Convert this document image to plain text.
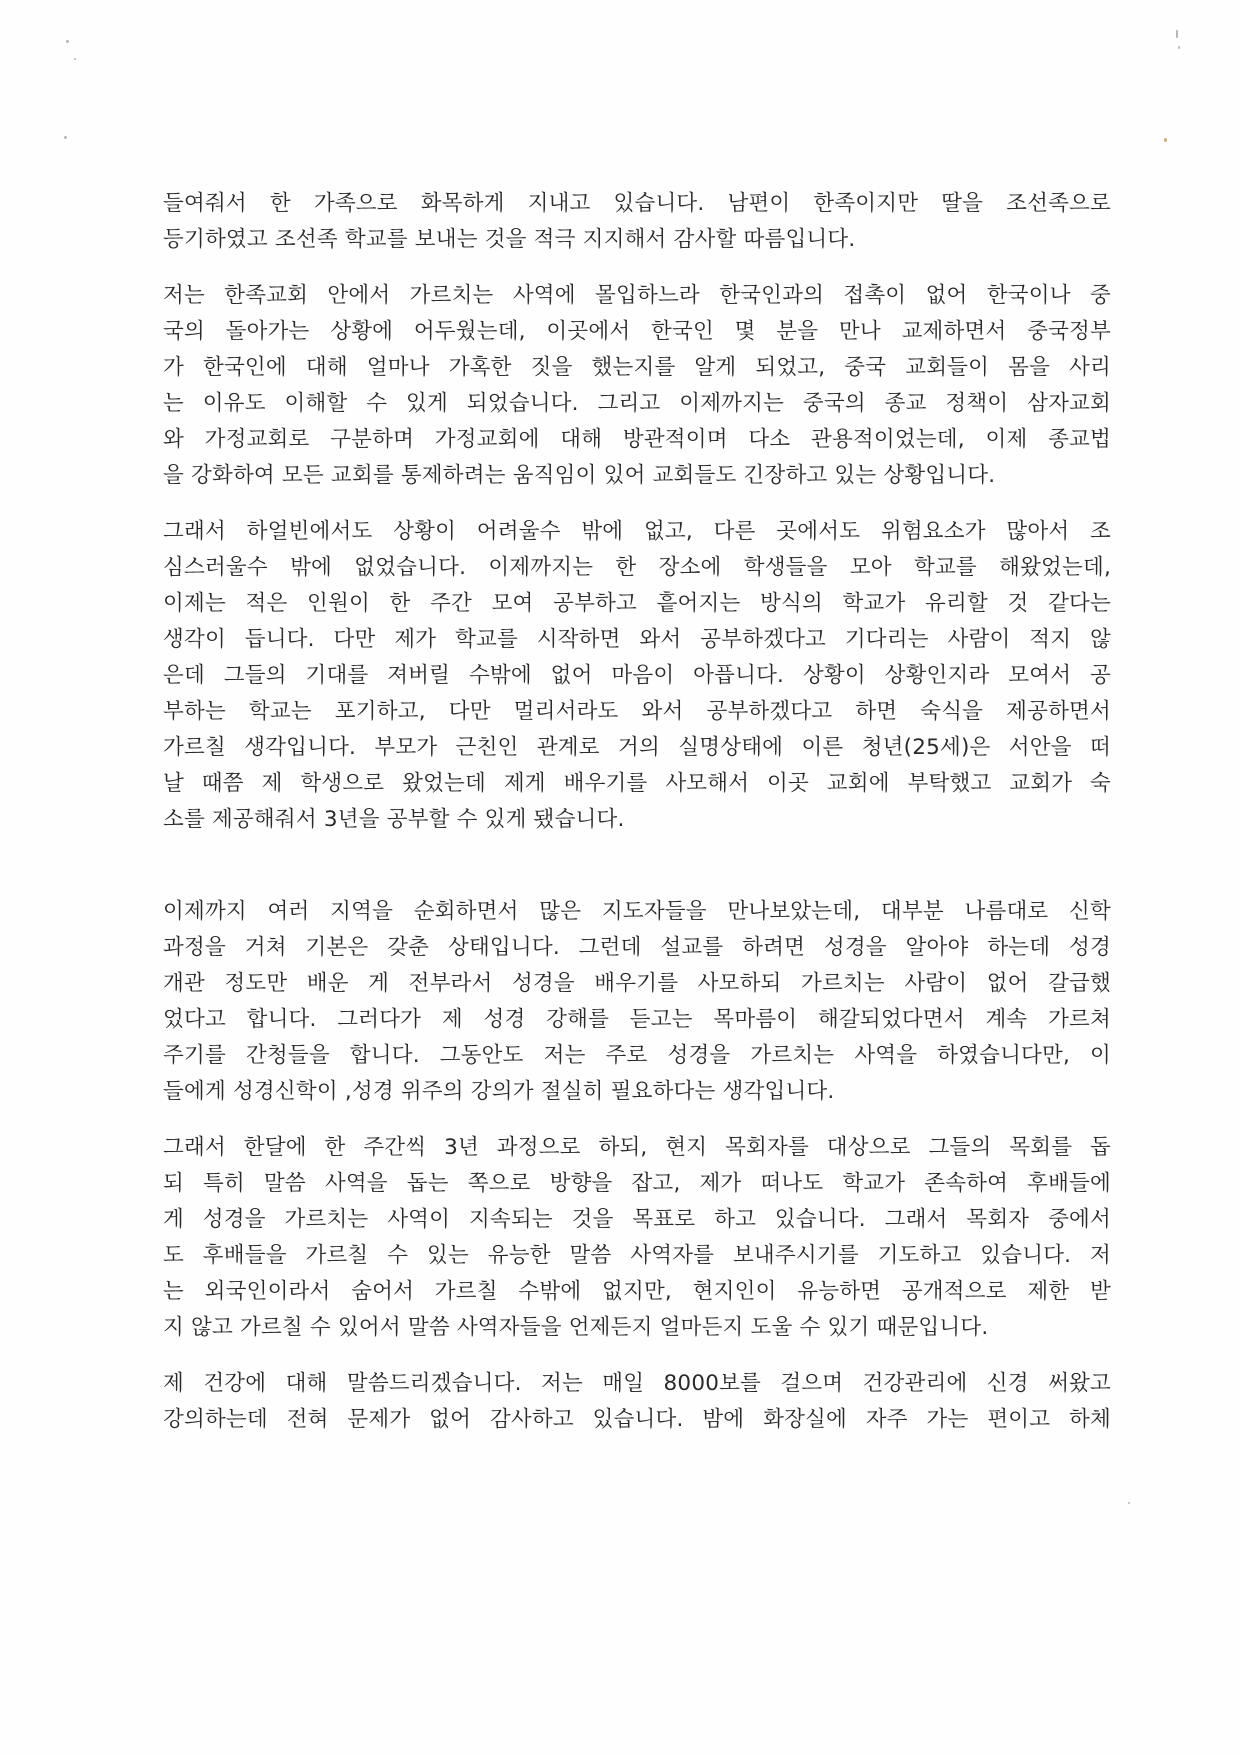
들여줘서 한 가족으로 화목하게 지내고 있습니다. 남편이 한족이지만 딸을 조선족으로
등기하였고 조선족 학교를 보내는 것을 적극 지지해서 감사할 따름입니다.
저는 한족교회 안에서 가르치는 사역에 몰입하느라 한국인과의 접촉이 없어 한국이나 중
국의 돌아가는 상황에 어두웠는데, 이곳에서 한국인 몇 분을 만나 교제하면서 중국정부
가 한국인에 대해 얼마나 가혹한 짓을 했는지를 알게 되었고, 중국 교회들이 몸을 사리
는 이유도 이해할 수 있게 되었습니다. 그리고 이제까지는 중국의 종교 정책이 삼자교회
와 가정교회로 구분하며 가정교회에 대해 방관적이며 다소 관용적이었는데, 이제 종교법
을 강화하여 모든 교회를 통제하려는 움직임이 있어 교회들도 긴장하고 있는 상황입니다.
그래서 하얼빈에서도 상황이 어려울수 밖에 없고, 다른 곳에서도 위험요소가 많아서 조
심스러울수 밖에 없었습니다. 이제까지는 한 장소에 학생들을 모아 학교를 해왔었는데,
이제는 적은 인원이 한 주간 모여 공부하고 흩어지는 방식의 학교가 유리할 것 같다는
생각이 듭니다. 다만 제가 학교를 시작하면 와서 공부하겠다고 기다리는 사람이 적지 않
은데 그들의 기대를 져버릴 수밖에 없어 마음이 아픕니다. 상황이 상황인지라 모여서 공
부하는 학교는 포기하고, 다만 멀리서라도 와서 공부하겠다고 하면 숙식을 제공하면서
가르칠 생각입니다. 부모가 근친인 관계로 거의 실명상태에 이른 청년(25세)은 서안을 떠
날 때쯤 제 학생으로 왔었는데 제게 배우기를 사모해서 이곳 교회에 부탁했고 교회가 숙
소를 제공해줘서 3년을 공부할 수 있게 됐습니다.
이제까지 여러 지역을 순회하면서 많은 지도자들을 만나보았는데, 대부분 나름대로 신학
과정을 거쳐 기본은 갖춘 상태입니다. 그런데 설교를 하려면 성경을 알아야 하는데 성경
개관 정도만 배운 게 전부라서 성경을 배우기를 사모하되 가르치는 사람이 없어 갈급했
었다고 합니다. 그러다가 제 성경 강해를 듣고는 목마름이 해갈되었다면서 계속 가르쳐
주기를 간청들을 합니다. 그동안도 저는 주로 성경을 가르치는 사역을 하였습니다만, 이
들에게 성경신학이 ,성경 위주의 강의가 절실히 필요하다는 생각입니다.
그래서 한달에 한 주간씩 3년 과정으로 하되, 현지 목회자를 대상으로 그들의 목회를 돕
되 특히 말씀 사역을 돕는 쪽으로 방향을 잡고, 제가 떠나도 학교가 존속하여 후배들에
게 성경을 가르치는 사역이 지속되는 것을 목표로 하고 있습니다. 그래서 목회자 중에서
도 후배들을 가르칠 수 있는 유능한 말씀 사역자를 보내주시기를 기도하고 있습니다. 저
는 외국인이라서 숨어서 가르칠 수밖에 없지만, 현지인이 유능하면 공개적으로 제한 받
지 않고 가르칠 수 있어서 말씀 사역자들을 언제든지 얼마든지 도울 수 있기 때문입니다.
제 건강에 대해 말씀드리겠습니다. 저는 매일 8000보를 걸으며 건강관리에 신경 써왔고
강의하는데 전혀 문제가 없어 감사하고 있습니다. 밤에 화장실에 자주 가는 편이고 하체
